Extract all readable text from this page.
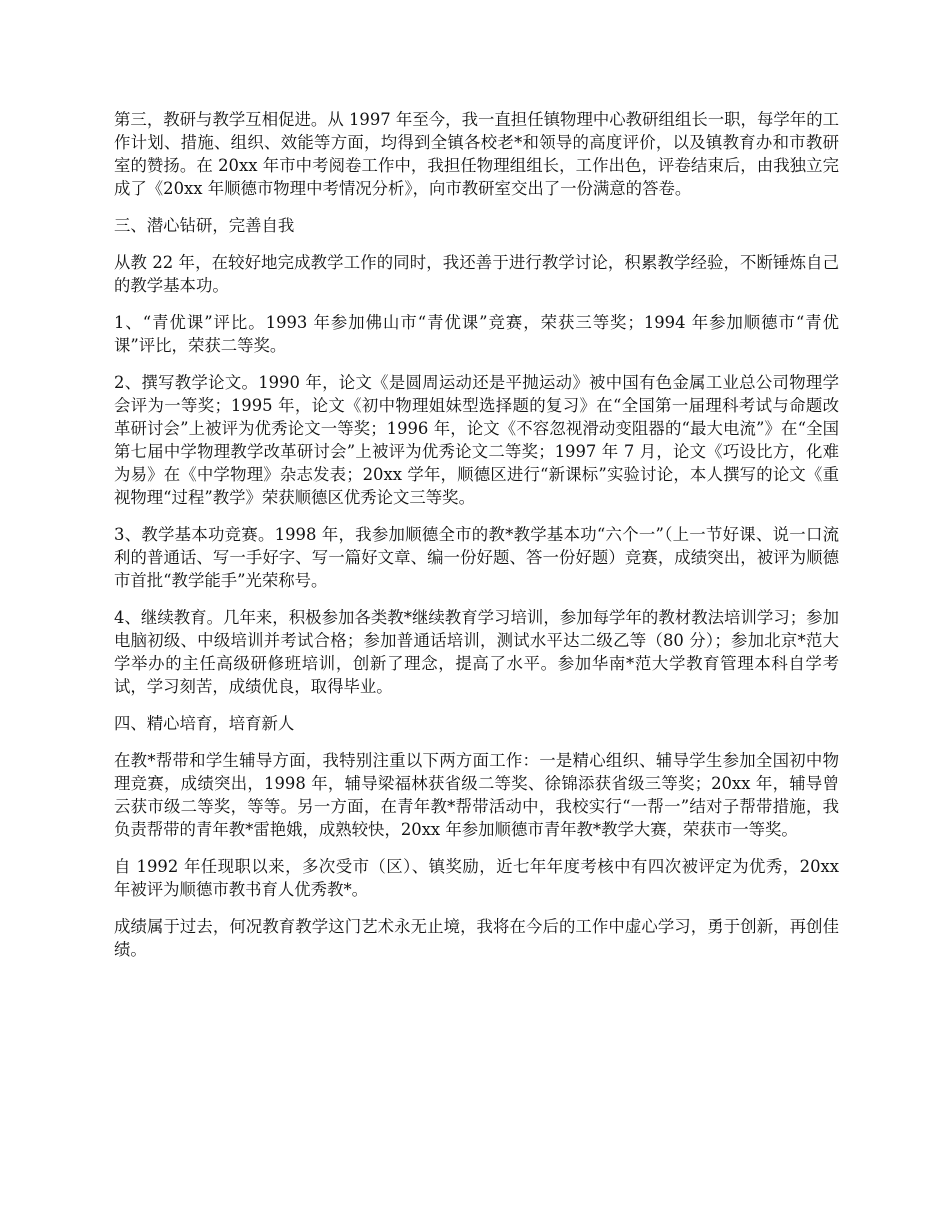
第三，教研与教学互相促进。从 1997 年至今，我一直担任镇物理中心教研组组长一职，每学年的工作计划、措施、组织、效能等方面，均得到全镇各校老*和领导的高度评价，以及镇教育办和市教研室的赞扬。在 20xx 年市中考阅卷工作中，我担任物理组组长，工作出色，评卷结束后，由我独立完成了《20xx 年顺德市物理中考情况分析》，向市教研室交出了一份满意的答卷。

三、潜心钻研，完善自我

从教 22 年，在较好地完成教学工作的同时，我还善于进行教学讨论，积累教学经验，不断锤炼自己的教学基本功。

1、“青优课”评比。1993 年参加佛山市“青优课”竞赛，荣获三等奖；1994 年参加顺德市“青优课”评比，荣获二等奖。

2、撰写教学论文。1990 年，论文《是圆周运动还是平抛运动》被中国有色金属工业总公司物理学会评为一等奖；1995 年，论文《初中物理姐妹型选择题的复习》在“全国第一届理科考试与命题改革研讨会”上被评为优秀论文一等奖；1996 年，论文《不容忽视滑动变阻器的“最大电流”》在“全国第七届中学物理教学改革研讨会”上被评为优秀论文二等奖；1997 年 7 月，论文《巧设比方，化难为易》在《中学物理》杂志发表；20xx 学年，顺德区进行“新课标”实验讨论，本人撰写的论文《重视物理“过程”教学》荣获顺德区优秀论文三等奖。

3、教学基本功竞赛。1998 年，我参加顺德全市的教*教学基本功“六个一”（上一节好课、说一口流利的普通话、写一手好字、写一篇好文章、编一份好题、答一份好题）竞赛，成绩突出，被评为顺德市首批“教学能手”光荣称号。

4、继续教育。几年来，积极参加各类教*继续教育学习培训，参加每学年的教材教法培训学习；参加电脑初级、中级培训并考试合格；参加普通话培训，测试水平达二级乙等（80 分）；参加北京*范大学举办的主任高级研修班培训，创新了理念，提高了水平。参加华南*范大学教育管理本科自学考试，学习刻苦，成绩优良，取得毕业。

四、精心培育，培育新人

在教*帮带和学生辅导方面，我特别注重以下两方面工作：一是精心组织、辅导学生参加全国初中物理竞赛，成绩突出，1998 年，辅导梁福林获省级二等奖、徐锦添获省级三等奖；20xx 年，辅导曾云获市级二等奖，等等。另一方面，在青年教*帮带活动中，我校实行“一帮一”结对子帮带措施，我负责帮带的青年教*雷艳娥，成熟较快，20xx 年参加顺德市青年教*教学大赛，荣获市一等奖。

自 1992 年任现职以来，多次受市（区）、镇奖励，近七年年度考核中有四次被评定为优秀，20xx 年被评为顺德市教书育人优秀教*。

成绩属于过去，何况教育教学这门艺术永无止境，我将在今后的工作中虚心学习，勇于创新，再创佳绩。
